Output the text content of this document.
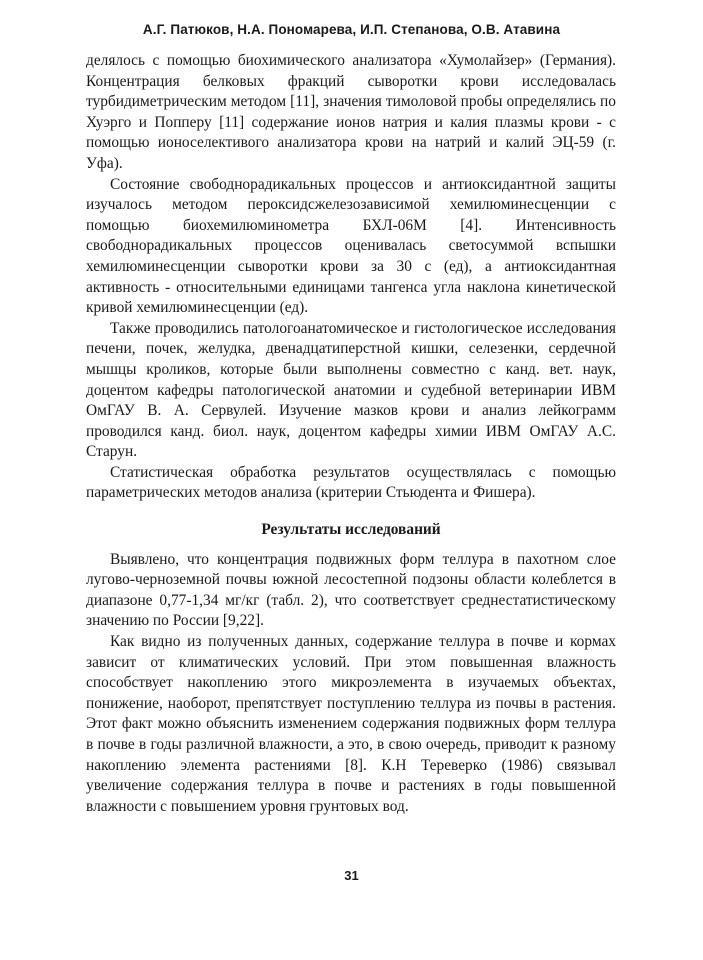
А.Г. Патюков, Н.А. Пономарева, И.П. Степанова, О.В. Атавина

делялось с помощью биохимического анализатора «Хумолайзер» (Германия). Концентрация белковых фракций сыворотки крови исследовалась турбидиметрическим методом [11], значения тимоловой пробы определялись по Хуэрго и Попперу [11] содержание ионов натрия и калия плазмы крови - с помощью ионоселективого анализатора крови на натрий и калий ЭЦ-59 (г. Уфа).

Состояние свободнорадикальных процессов и антиоксидантной защиты изучалось методом пероксидсжелезозависимой хемилюминесценции с помощью биохемилюминометра БХЛ-06М [4]. Интенсивность свободнорадикальных процессов оценивалась светосуммой вспышки хемилюминесценции сыворотки крови за 30 с (ед), а антиоксидантная активность - относительными единицами тангенса угла наклона кинетической кривой хемилюминесценции (ед).

Также проводились патологоанатомическое и гистологическое исследования печени, почек, желудка, двенадцатиперстной кишки, селезенки, сердечной мышцы кроликов, которые были выполнены совместно с канд. вет. наук, доцентом кафедры патологической анатомии и судебной ветеринарии ИВМ ОмГАУ В. А. Сервулей. Изучение мазков крови и анализ лейкограмм проводился канд. биол. наук, доцентом кафедры химии ИВМ ОмГАУ А.С. Старун.

Статистическая обработка результатов осуществлялась с помощью параметрических методов анализа (критерии Стьюдента и Фишера).

Результаты исследований

Выявлено, что концентрация подвижных форм теллура в пахотном слое лугово-черноземной почвы южной лесостепной подзоны области колеблется в диапазоне 0,77-1,34 мг/кг (табл. 2), что соответствует среднестатистическому значению по России [9,22].

Как видно из полученных данных, содержание теллура в почве и кормах зависит от климатических условий. При этом повышенная влажность способствует накоплению этого микроэлемента в изучаемых объектах, понижение, наоборот, препятствует поступлению теллура из почвы в растения. Этот факт можно объяснить изменением содержания подвижных форм теллура в почве в годы различной влажности, а это, в свою очередь, приводит к разному накоплению элемента растениями [8]. К.Н Тереверко (1986) связывал увеличение содержания теллура в почве и растениях в годы повышенной влажности с повышением уровня грунтовых вод.

31
